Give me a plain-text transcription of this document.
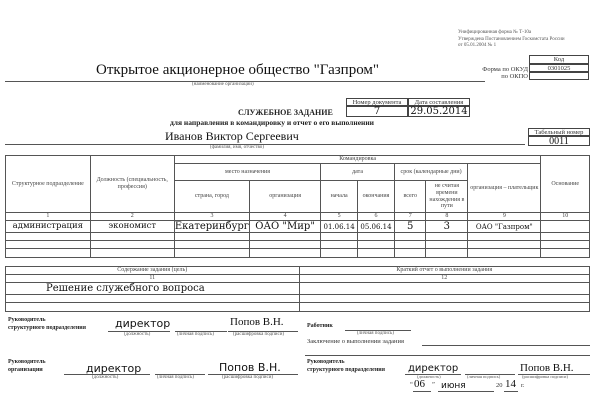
Унифицированная форма № Т-10а
Утверждена Постановлением Госкомстата России
от 05.01.2004 № 1
Код
Форма по ОКУД	0301025
по ОКПО
Открытое акционерное общество "Газпром"
(наименование организации)
Номер документа	Дата составления
7	29.05.2014
СЛУЖЕБНОЕ ЗАДАНИЕ
для направления в командировку и отчет о его выполнении
Иванов Виктор Сергеевич
(фамилия, имя, отчество)
Табельный номер
0011
Структурное подразделение	Должность (специальность, профессия)	Командировка							Основание
		место назначения		дата		срок (календарные дни)		организация – плательщик	
		страна, город	организация	начала	окончания	всего	не считая времени нахождения в пути		
1	2	3	4	5	6	7	8	9	10
администрация	экономист	Екатеринбург	ОАО "Мир"	01.06.14	05.06.14	5	3	ОАО "Газпром"	

Содержание задания (цель)	Краткий отчет о выполнении задания
11	12
Решение служебного вопроса	

Руководитель
структурного подразделения	директор
(должность)	(личная подпись)
Попов В.Н.
(расшифровка подписи)
Работник
(личная подпись)
Заключение о выполнении задания
Руководитель
организации	директор
(должность)	(личная подпись)
Попов В.Н.
(расшифровка подписи)
Руководитель
структурного подразделения директор
(должность)	(личная подпись)
Попов В.Н.
(расшифровка подписи)
“ 06 ” июня	20 14 г.
